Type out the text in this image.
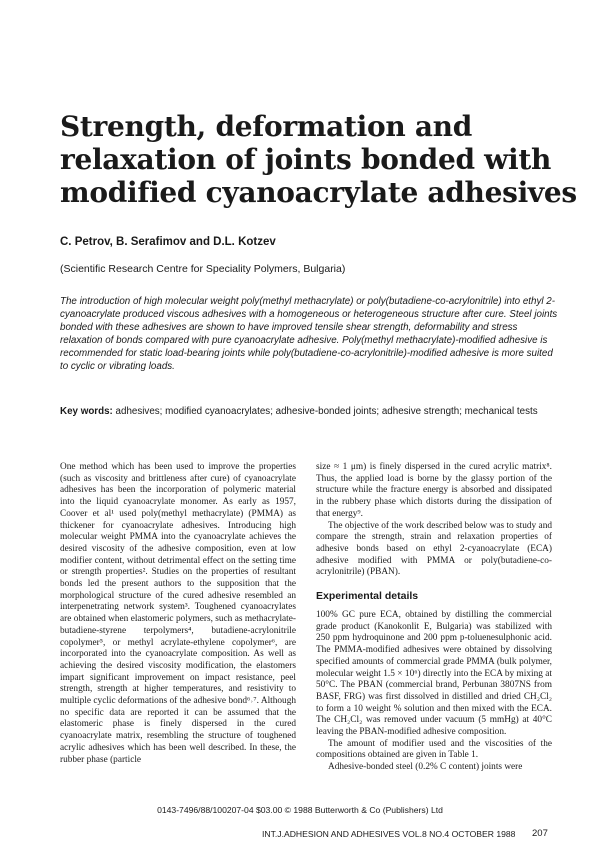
Strength, deformation and
relaxation of joints bonded with
modified cyanoacrylate adhesives
C. Petrov, B. Serafimov and D.L. Kotzev
(Scientific Research Centre for Speciality Polymers, Bulgaria)

The introduction of high molecular weight poly(methyl methacrylate) or poly(butadiene-co-acrylonitrile) into ethyl 2-cyanoacrylate produced viscous adhesives with a homogeneous or heterogeneous structure after cure. Steel joints bonded with these adhesives are shown to have improved tensile shear strength, deformability and stress relaxation of bonds compared with pure cyanoacrylate adhesive. Poly(methyl methacrylate)-modified adhesive is recommended for static load-bearing joints while poly(butadiene-co-acrylonitrile)-modified adhesive is more suited to cyclic or vibrating loads.

Key words: adhesives; modified cyanoacrylates; adhesive-bonded joints; adhesive strength; mechanical tests

One method which has been used to improve the properties (such as viscosity and brittleness after cure) of cyanoacrylate adhesives has been the incorporation of polymeric material into the liquid cyanoacrylate monomer. As early as 1957, Coover et al¹ used poly(methyl methacrylate) (PMMA) as thickener for cyanoacrylate adhesives. Introducing high molecular weight PMMA into the cyanoacrylate achieves the desired viscosity of the adhesive composition, even at low modifier content, without detrimental effect on the setting time or strength properties². Studies on the properties of resultant bonds led the present authors to the supposition that the morphological structure of the cured adhesive resembled an interpenetrating network system³. Toughened cyanoacrylates are obtained when elastomeric polymers, such as methacrylate-butadiene-styrene terpolymers⁴, butadiene-acrylonitrile copolymer⁵, or methyl acrylate-ethylene copolymer⁶, are incorporated into the cyanoacrylate composition. As well as achieving the desired viscosity modification, the elastomers impart significant improvement on impact resistance, peel strength, strength at higher temperatures, and resistivity to multiple cyclic deformations of the adhesive bond⁶˒⁷. Although no specific data are reported it can be assumed that the elastomeric phase is finely dispersed in the cured cyanoacrylate matrix, resembling the structure of toughened acrylic adhesives which has been well described. In these, the rubber phase (particle

size ≈ 1 μm) is finely dispersed in the cured acrylic matrix⁸. Thus, the applied load is borne by the glassy portion of the structure while the fracture energy is absorbed and dissipated in the rubbery phase which distorts during the dissipation of that energy⁹.

The objective of the work described below was to study and compare the strength, strain and relaxation properties of adhesive bonds based on ethyl 2-cyanoacrylate (ECA) adhesive modified with PMMA or poly(butadiene-co-acrylonitrile) (PBAN).

Experimental details

100% GC pure ECA, obtained by distilling the commercial grade product (Kanokonlit E, Bulgaria) was stabilized with 250 ppm hydroquinone and 200 ppm p-toluenesulphonic acid. The PMMA-modified adhesives were obtained by dissolving specified amounts of commercial grade PMMA (bulk polymer, molecular weight 1.5 × 10⁶) directly into the ECA by mixing at 50°C. The PBAN (commercial brand, Perbunan 3807NS from BASF, FRG) was first dissolved in distilled and dried CH₂Cl₂ to form a 10 weight % solution and then mixed with the ECA. The CH₂Cl₂ was removed under vacuum (5 mmHg) at 40°C leaving the PBAN-modified adhesive composition.

The amount of modifier used and the viscosities of the compositions obtained are given in Table 1.

Adhesive-bonded steel (0.2% C content) joints were

0143-7496/88/100207-04 $03.00 © 1988 Butterworth & Co (Publishers) Ltd
INT.J.ADHESION AND ADHESIVES VOL.8 NO.4 OCTOBER 1988 207
